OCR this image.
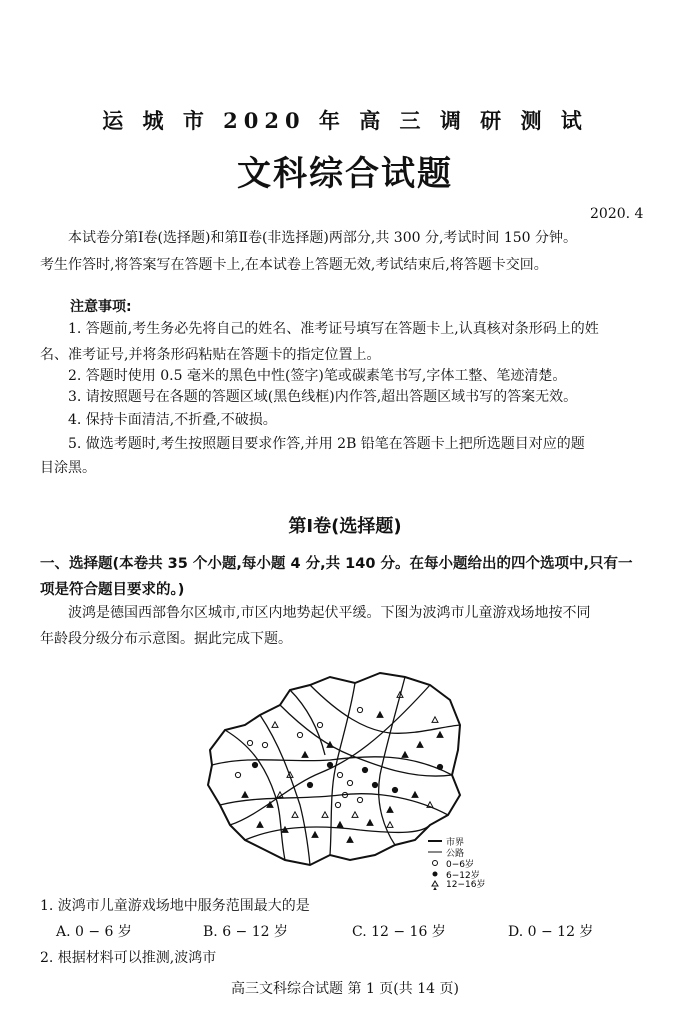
运 城 市 2020 年 高 三 调 研 测 试
文科综合试题
2020. 4
本试卷分第Ⅰ卷(选择题)和第Ⅱ卷(非选择题)两部分,共 300 分,考试时间 150 分钟。
考生作答时,将答案写在答题卡上,在本试卷上答题无效,考试结束后,将答题卡交回。
注意事项:
1. 答题前,考生务必先将自己的姓名、准考证号填写在答题卡上,认真核对条形码上的姓
名、准考证号,并将条形码粘贴在答题卡的指定位置上。
2. 答题时使用 0.5 毫米的黑色中性(签字)笔或碳素笔书写,字体工整、笔迹清楚。
3. 请按照题号在各题的答题区域(黑色线框)内作答,超出答题区域书写的答案无效。
4. 保持卡面清洁,不折叠,不破损。
5. 做选考题时,考生按照题目要求作答,并用 2B 铅笔在答题卡上把所选题目对应的题
目涂黑。
第Ⅰ卷(选择题)
一、选择题(本卷共 35 个小题,每小题 4 分,共 140 分。在每小题给出的四个选项中,只有一
项是符合题目要求的。)
波鸿是德国西部鲁尔区城市,市区内地势起伏平缓。下图为波鸿市儿童游戏场地按不同
年龄段分级分布示意图。据此完成下题。
市界
公路
0−6岁
6−12岁
12−16岁
1. 波鸿市儿童游戏场地中服务范围最大的是
A. 0 − 6 岁	B. 6 − 12 岁	C. 12 − 16 岁	D. 0 − 12 岁
2. 根据材料可以推测,波鸿市
高三文科综合试题 第 1 页(共 14 页)
